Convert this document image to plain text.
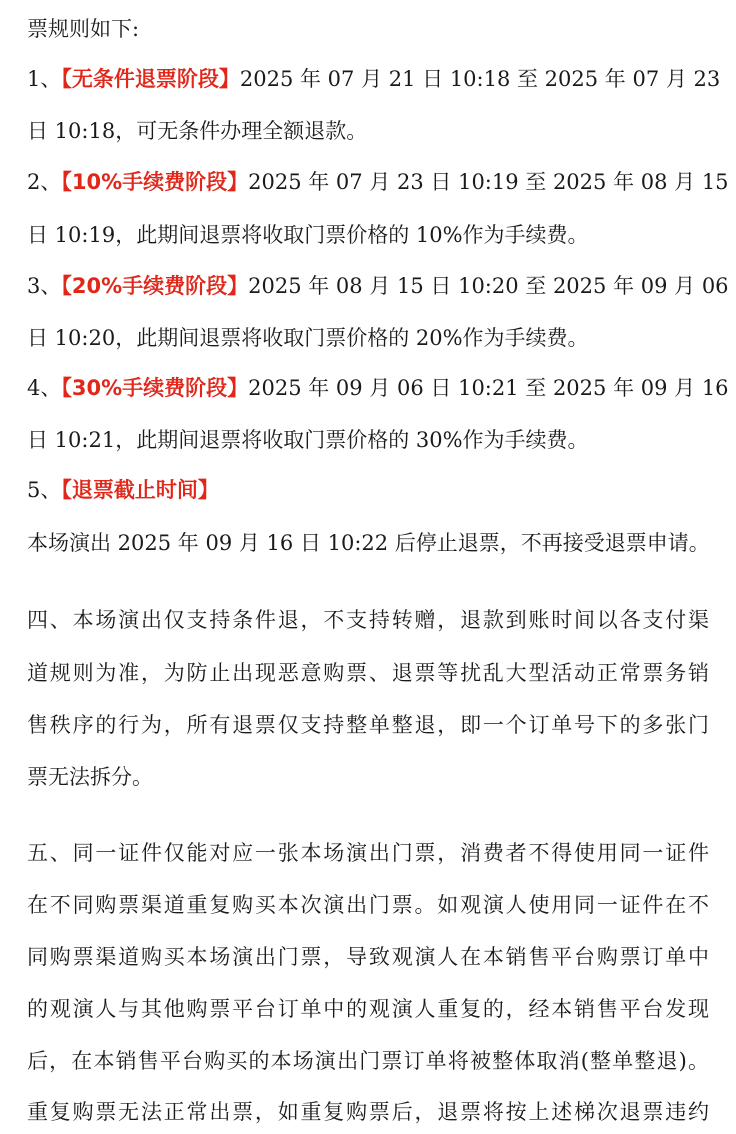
票规则如下:
1、【无条件退票阶段】2025 年 07 月 21 日 10:18 至 2025 年 07 月 23
日 10:18，可无条件办理全额退款。
2、【10%手续费阶段】2025 年 07 月 23 日 10:19 至 2025 年 08 月 15
日 10:19，此期间退票将收取门票价格的 10%作为手续费。
3、【20%手续费阶段】2025 年 08 月 15 日 10:20 至 2025 年 09 月 06
日 10:20，此期间退票将收取门票价格的 20%作为手续费。
4、【30%手续费阶段】2025 年 09 月 06 日 10:21 至 2025 年 09 月 16
日 10:21，此期间退票将收取门票价格的 30%作为手续费。
5、【退票截止时间】
本场演出 2025 年 09 月 16 日 10:22 后停止退票，不再接受退票申请。
四、本场演出仅支持条件退，不支持转赠，退款到账时间以各支付渠
道规则为准，为防止出现恶意购票、退票等扰乱大型活动正常票务销
售秩序的行为，所有退票仅支持整单整退，即一个订单号下的多张门
票无法拆分。
五、同一证件仅能对应一张本场演出门票，消费者不得使用同一证件
在不同购票渠道重复购买本次演出门票。如观演人使用同一证件在不
同购票渠道购买本场演出门票，导致观演人在本销售平台购票订单中
的观演人与其他购票平台订单中的观演人重复的，经本销售平台发现
后，在本销售平台购买的本场演出门票订单将被整体取消(整单整退)。
重复购票无法正常出票，如重复购票后，退票将按上述梯次退票违约
